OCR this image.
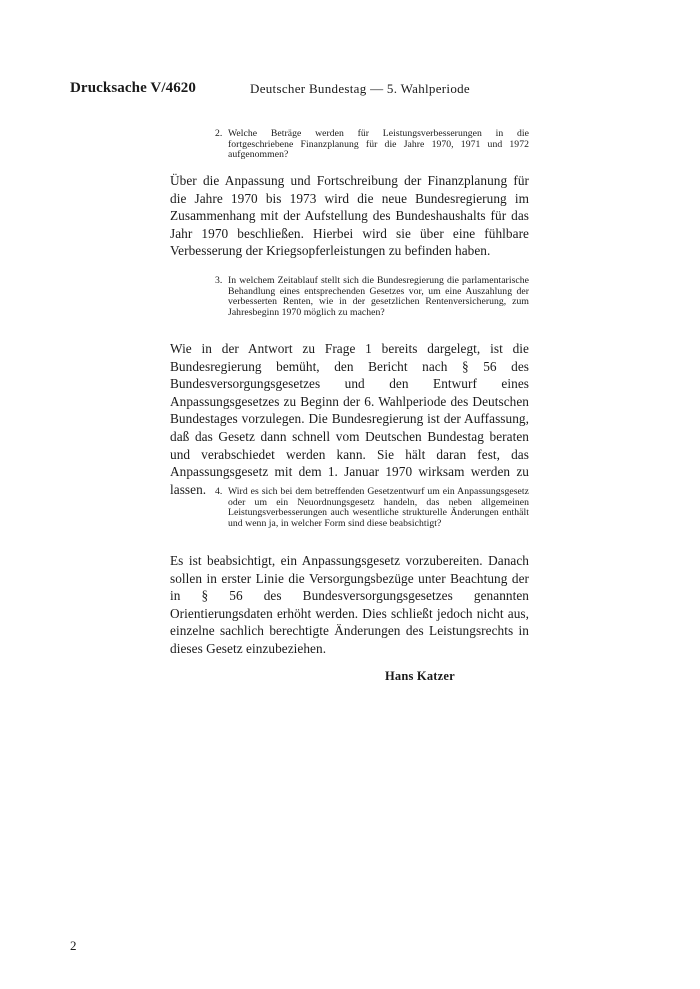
Drucksache V/4620	Deutscher Bundestag — 5. Wahlperiode
2. Welche Beträge werden für Leistungsverbesserungen in die fortgeschriebene Finanzplanung für die Jahre 1970, 1971 und 1972 aufgenommen?

Über die Anpassung und Fortschreibung der Finanzplanung für die Jahre 1970 bis 1973 wird die neue Bundesregierung im Zusammenhang mit der Aufstellung des Bundeshaushalts für das Jahr 1970 beschließen. Hierbei wird sie über eine fühlbare Verbesserung der Kriegsopferleistungen zu befinden haben.

3. In welchem Zeitablauf stellt sich die Bundesregierung die parlamentarische Behandlung eines entsprechenden Gesetzes vor, um eine Auszahlung der verbesserten Renten, wie in der gesetzlichen Rentenversicherung, zum Jahresbeginn 1970 möglich zu machen?

Wie in der Antwort zu Frage 1 bereits dargelegt, ist die Bundesregierung bemüht, den Bericht nach § 56 des Bundesversorgungsgesetzes und den Entwurf eines Anpassungsgesetzes zu Beginn der 6. Wahlperiode des Deutschen Bundestages vorzulegen. Die Bundesregierung ist der Auffassung, daß das Gesetz dann schnell vom Deutschen Bundestag beraten und verabschiedet werden kann. Sie hält daran fest, das Anpassungsgesetz mit dem 1. Januar 1970 wirksam werden zu lassen. 4. Wird es sich bei dem betreffenden Gesetzentwurf um ein Anpassungsgesetz oder um ein Neuordnungsgesetz handeln, das neben allgemeinen Leistungsverbesserungen auch wesentliche strukturelle Änderungen enthält und wenn ja, in welcher Form sind diese beabsichtigt?

Es ist beabsichtigt, ein Anpassungsgesetz vorzubereiten. Danach sollen in erster Linie die Versorgungsbezüge unter Beachtung der in § 56 des Bundesversorgungsgesetzes genannten Orientierungsdaten erhöht werden. Dies schließt jedoch nicht aus, einzelne sachlich berechtigte Änderungen des Leistungsrechts in dieses Gesetz einzubeziehen.

Hans Katzer
2
